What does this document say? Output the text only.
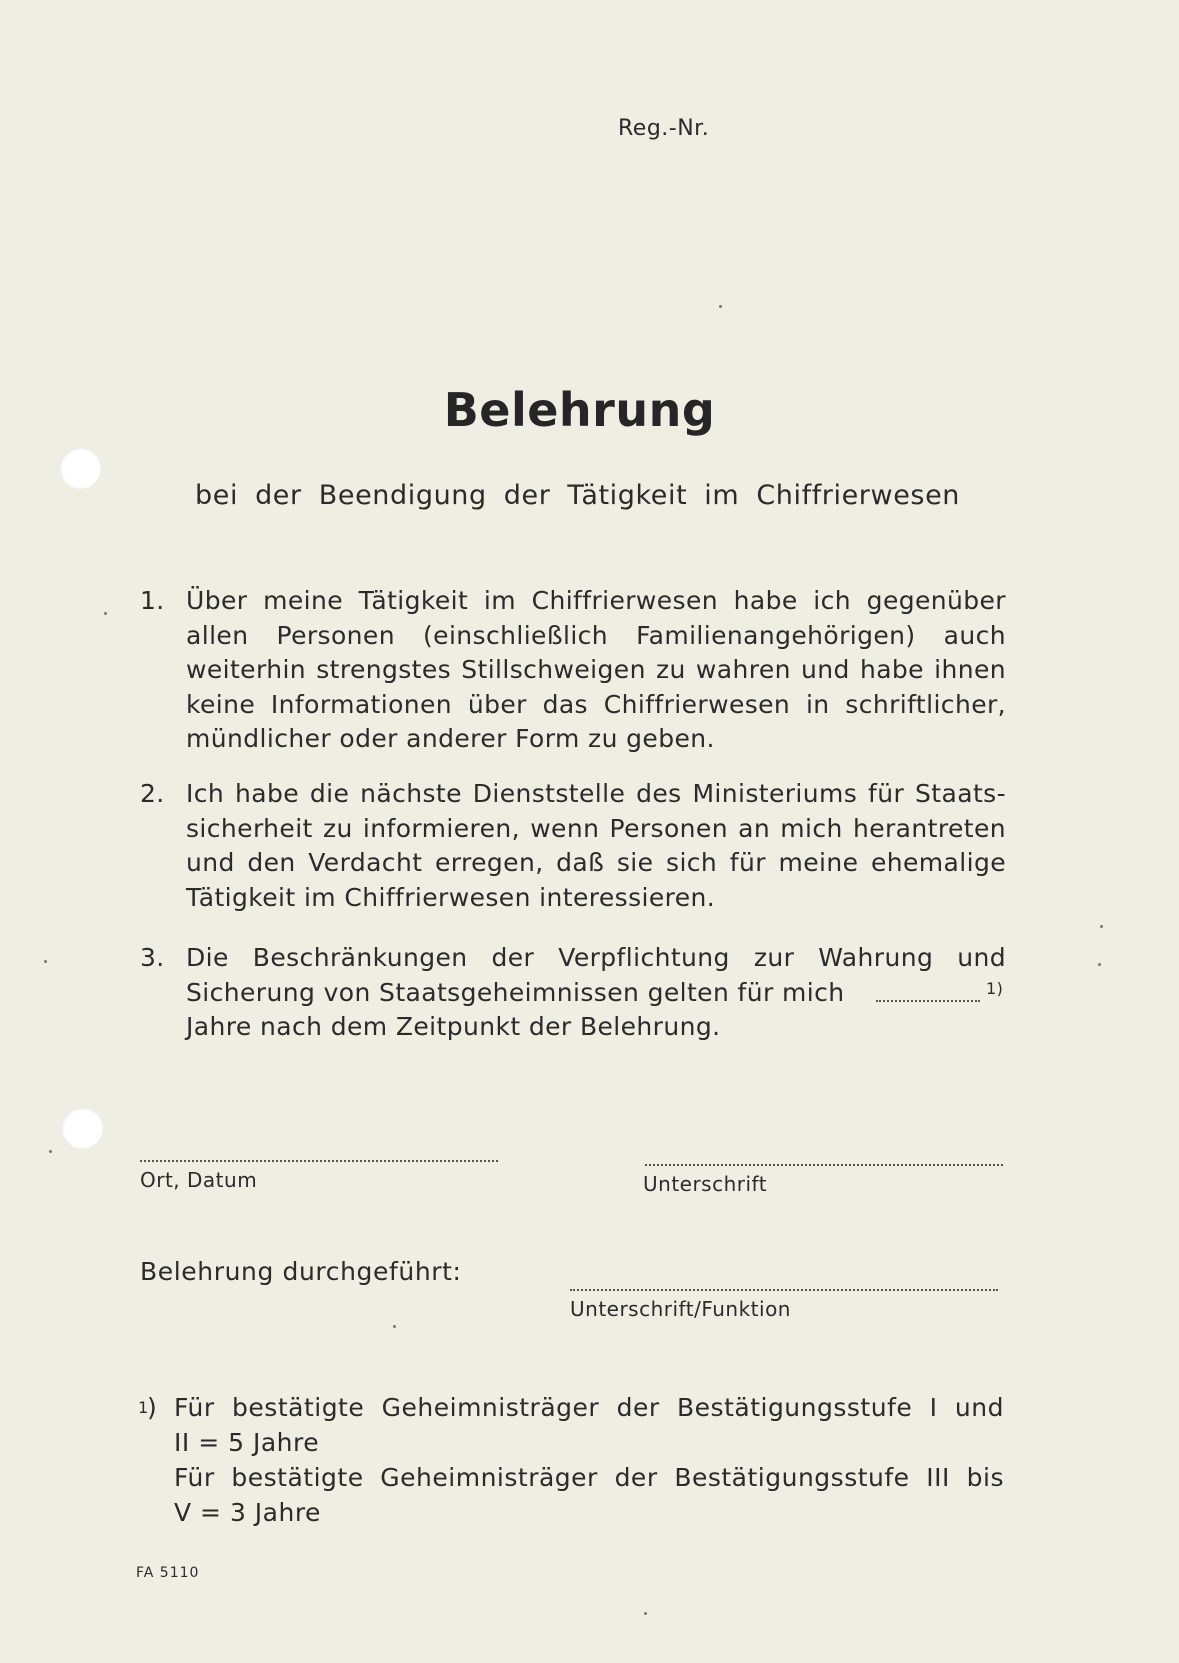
Reg.-Nr.
Belehrung
bei der Beendigung der Tätigkeit im Chiffrierwesen
1. Über meine Tätigkeit im Chiffrierwesen habe ich gegenüber
allen Personen (einschließlich Familienangehörigen) auch
weiterhin strengstes Stillschweigen zu wahren und habe ihnen
keine Informationen über das Chiffrierwesen in schriftlicher,
mündlicher oder anderer Form zu geben.
2. Ich habe die nächste Dienststelle des Ministeriums für Staats-
sicherheit zu informieren, wenn Personen an mich herantreten
und den Verdacht erregen, daß sie sich für meine ehemalige
Tätigkeit im Chiffrierwesen interessieren.
3. Die Beschränkungen der Verpflichtung zur Wahrung und
Sicherung von Staatsgeheimnissen gelten für mich	$^{1)}$
Jahre nach dem Zeitpunkt der Belehrung.
Ort, Datum	Unterschrift
Belehrung durchgeführt:
Unterschrift/Funktion
1
) Für bestätigte Geheimnisträger der Bestätigungsstufe I und
II = 5 Jahre
Für bestätigte Geheimnisträger der Bestätigungsstufe III bis
V = 3 Jahre
FA 5110
